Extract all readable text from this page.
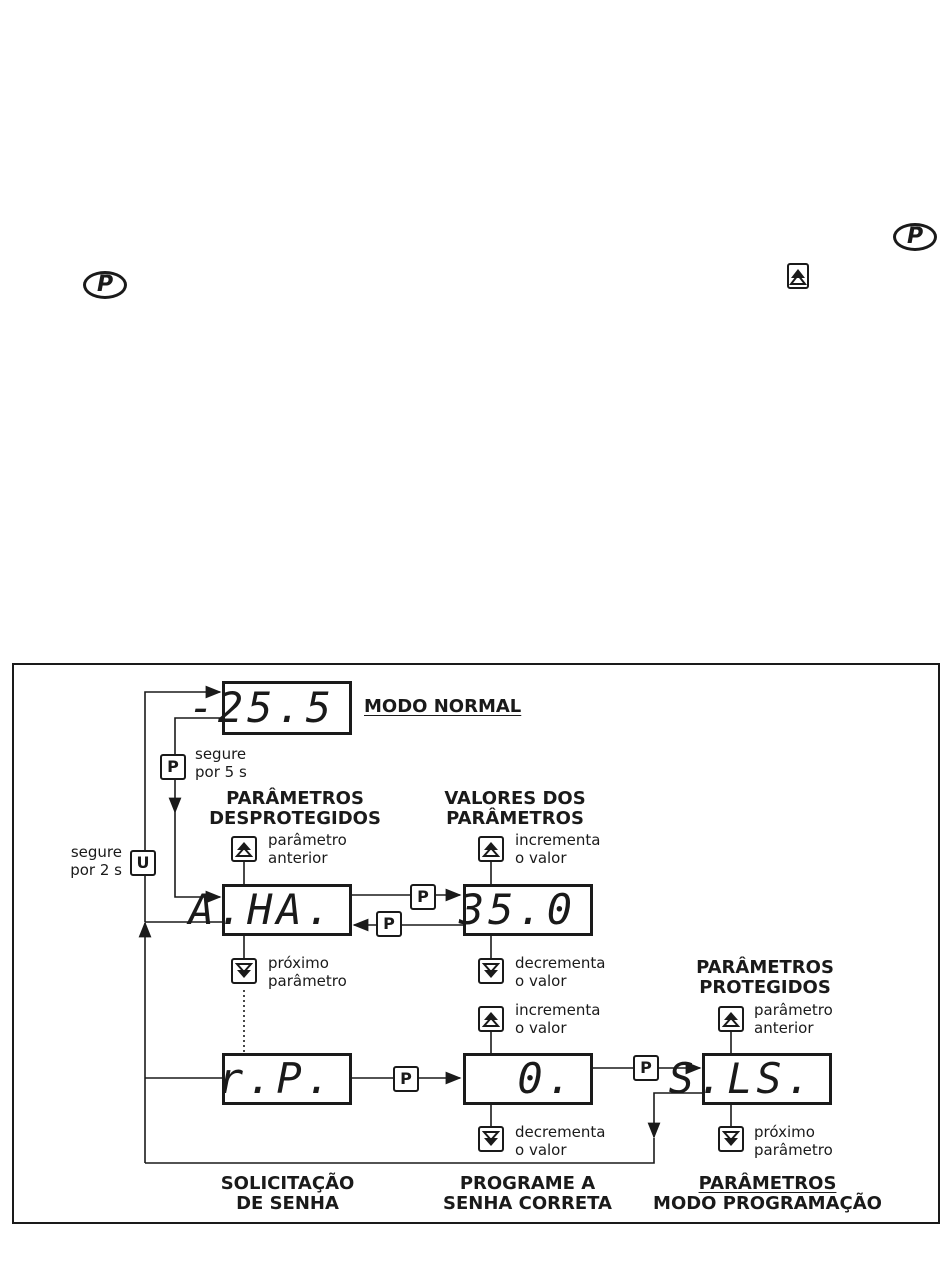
P
P
-25.5 MODO NORMAL
P
segure
por 5 s
U
segure
por 2 s
PARÂMETROS
DESPROTEGIDOS
parâmetro
anterior
A.HA.
próximo
parâmetro
P
P
VALORES DOS
PARÂMETROS
incrementa
o valor
35.0
decrementa
o valor
r.P.	P
SOLICITAÇÃO
DE SENHA
incrementa
o valor
0.
decrementa
o valor
PROGRAME A
SENHA CORRETA
P
PARÂMETROS
PROTEGIDOS
parâmetro
anterior
S.LS.
próximo
parâmetro
PARÂMETROS
MODO PROGRAMAÇÃO
